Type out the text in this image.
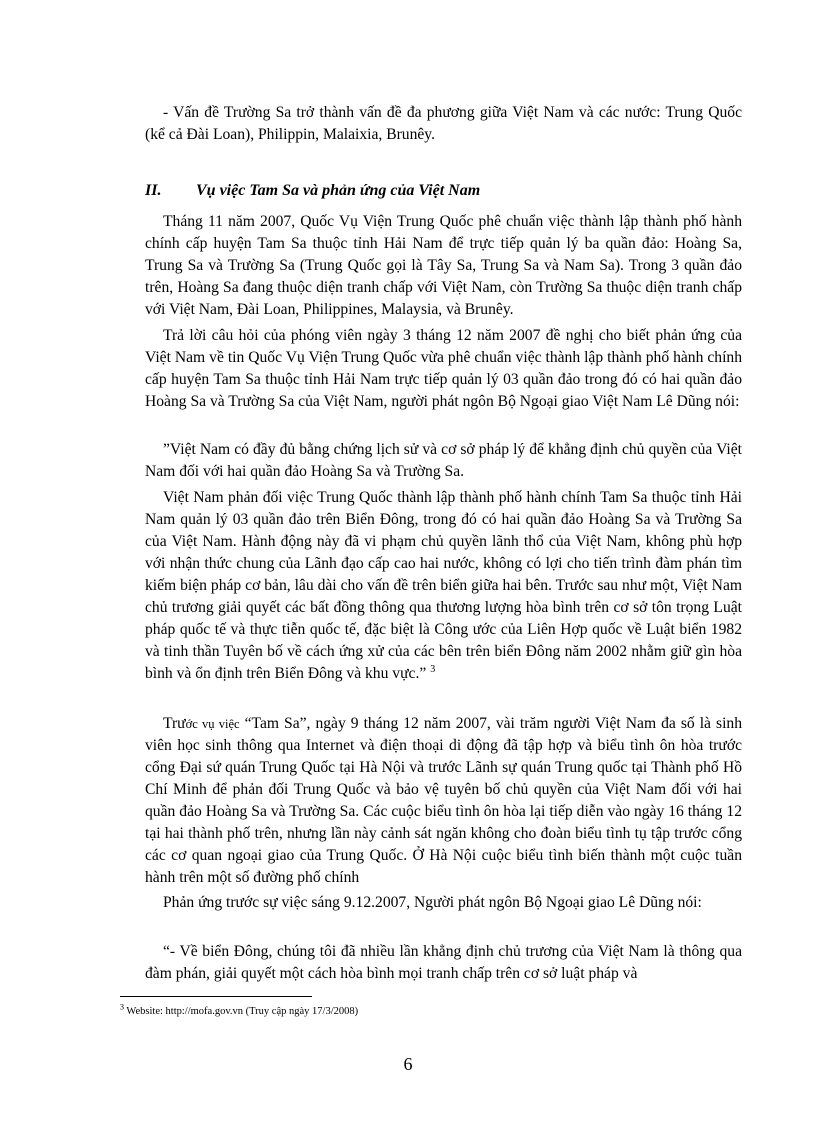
- Vấn đề Trường Sa trở thành vấn đề đa phương giữa Việt Nam và các nước: Trung Quốc (kể cả Đài Loan), Philippin, Malaixia, Brunêy.

II. Vụ việc Tam Sa và phản ứng của Việt Nam

Tháng 11 năm 2007, Quốc Vụ Viện Trung Quốc phê chuẩn việc thành lập thành phố hành chính cấp huyện Tam Sa thuộc tỉnh Hải Nam để trực tiếp quản lý ba quần đảo: Hoàng Sa, Trung Sa và Trường Sa (Trung Quốc gọi là Tây Sa, Trung Sa và Nam Sa). Trong 3 quần đảo trên, Hoàng Sa đang thuộc diện tranh chấp với Việt Nam, còn Trường Sa thuộc diện tranh chấp với Việt Nam, Đài Loan, Philippines, Malaysia, và Brunêy.

Trả lời câu hỏi của phóng viên ngày 3 tháng 12 năm 2007 đề nghị cho biết phản ứng của Việt Nam về tin Quốc Vụ Viện Trung Quốc vừa phê chuẩn việc thành lập thành phố hành chính cấp huyện Tam Sa thuộc tỉnh Hải Nam trực tiếp quản lý 03 quần đảo trong đó có hai quần đảo Hoàng Sa và Trường Sa của Việt Nam, người phát ngôn Bộ Ngoại giao Việt Nam Lê Dũng nói:

”Việt Nam có đầy đủ bằng chứng lịch sử và cơ sở pháp lý để khẳng định chủ quyền của Việt Nam đối với hai quần đảo Hoàng Sa và Trường Sa.

Việt Nam phản đối việc Trung Quốc thành lập thành phố hành chính Tam Sa thuộc tỉnh Hải Nam quản lý 03 quần đảo trên Biển Đông, trong đó có hai quần đảo Hoàng Sa và Trường Sa của Việt Nam. Hành động này đã vi phạm chủ quyền lãnh thổ của Việt Nam, không phù hợp với nhận thức chung của Lãnh đạo cấp cao hai nước, không có lợi cho tiến trình đàm phán tìm kiếm biện pháp cơ bản, lâu dài cho vấn đề trên biển giữa hai bên. Trước sau như một, Việt Nam chủ trương giải quyết các bất đồng thông qua thương lượng hòa bình trên cơ sở tôn trọng Luật pháp quốc tế và thực tiễn quốc tế, đặc biệt là Công ước của Liên Hợp quốc về Luật biển 1982 và tinh thần Tuyên bố về cách ứng xử của các bên trên biển Đông năm 2002 nhằm giữ gìn hòa bình và ổn định trên Biển Đông và khu vực.” $^3$

Trước vụ việc “Tam Sa”, ngày 9 tháng 12 năm 2007, vài trăm người Việt Nam đa số là sinh viên học sinh thông qua Internet và điện thoại di động đã tập hợp và biểu tình ôn hòa trước cổng Đại sứ quán Trung Quốc tại Hà Nội và trước Lãnh sự quán Trung quốc tại Thành phố Hồ Chí Minh để phản đối Trung Quốc và bảo vệ tuyên bố chủ quyền của Việt Nam đối với hai quần đảo Hoàng Sa và Trường Sa. Các cuộc biểu tình ôn hòa lại tiếp diễn vào ngày 16 tháng 12 tại hai thành phố trên, nhưng lần này cảnh sát ngăn không cho đoàn biểu tình tụ tập trước cổng các cơ quan ngoại giao của Trung Quốc. Ở Hà Nội cuộc biểu tình biến thành một cuộc tuần hành trên một số đường phố chính

Phản ứng trước sự việc sáng 9.12.2007, Người phát ngôn Bộ Ngoại giao Lê Dũng nói:

“- Về biển Đông, chúng tôi đã nhiều lần khẳng định chủ trương của Việt Nam là thông qua đàm phán, giải quyết một cách hòa bình mọi tranh chấp trên cơ sở luật pháp và

$^3$ Website: http://mofa.gov.vn (Truy cập ngày 17/3/2008)

6
